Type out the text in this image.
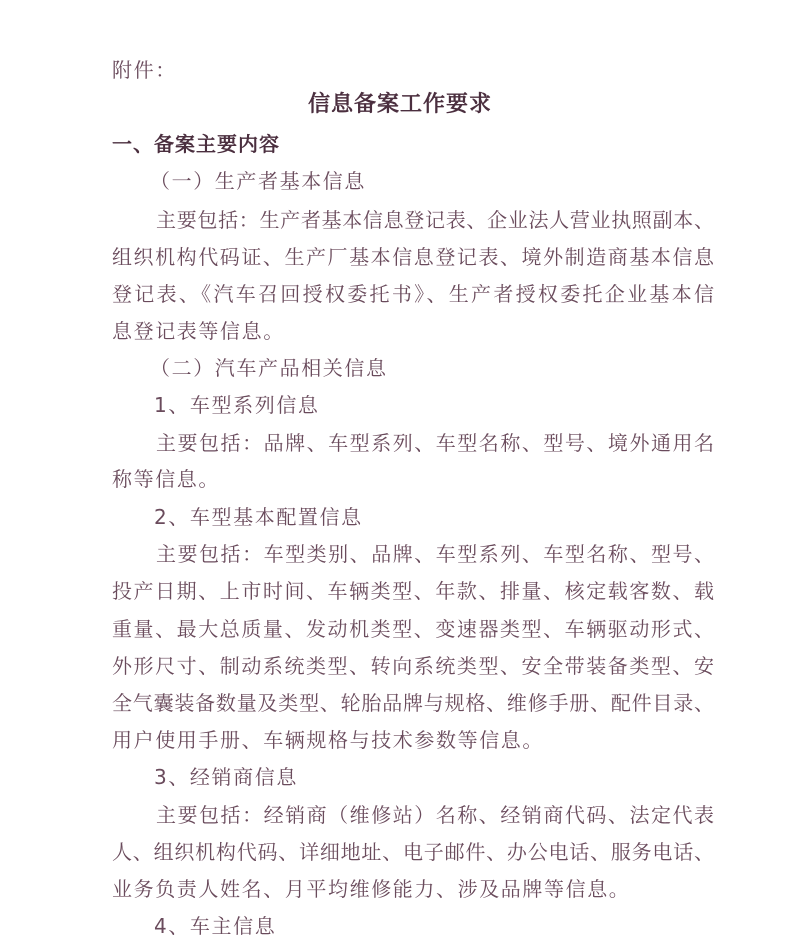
附件：
信息备案工作要求
一、备案主要内容
（一）生产者基本信息
主要包括：生产者基本信息登记表、企业法人营业执照副本、
组织机构代码证、生产厂基本信息登记表、境外制造商基本信息
登记表、《汽车召回授权委托书》、生产者授权委托企业基本信
息登记表等信息。
（二）汽车产品相关信息
1、车型系列信息
主要包括：品牌、车型系列、车型名称、型号、境外通用名
称等信息。
2、车型基本配置信息
主要包括：车型类别、品牌、车型系列、车型名称、型号、
投产日期、上市时间、车辆类型、年款、排量、核定载客数、载
重量、最大总质量、发动机类型、变速器类型、车辆驱动形式、
外形尺寸、制动系统类型、转向系统类型、安全带装备类型、安
全气囊装备数量及类型、轮胎品牌与规格、维修手册、配件目录、
用户使用手册、车辆规格与技术参数等信息。
3、经销商信息
主要包括：经销商（维修站）名称、经销商代码、法定代表
人、组织机构代码、详细地址、电子邮件、办公电话、服务电话、
业务负责人姓名、月平均维修能力、涉及品牌等信息。
4、车主信息
